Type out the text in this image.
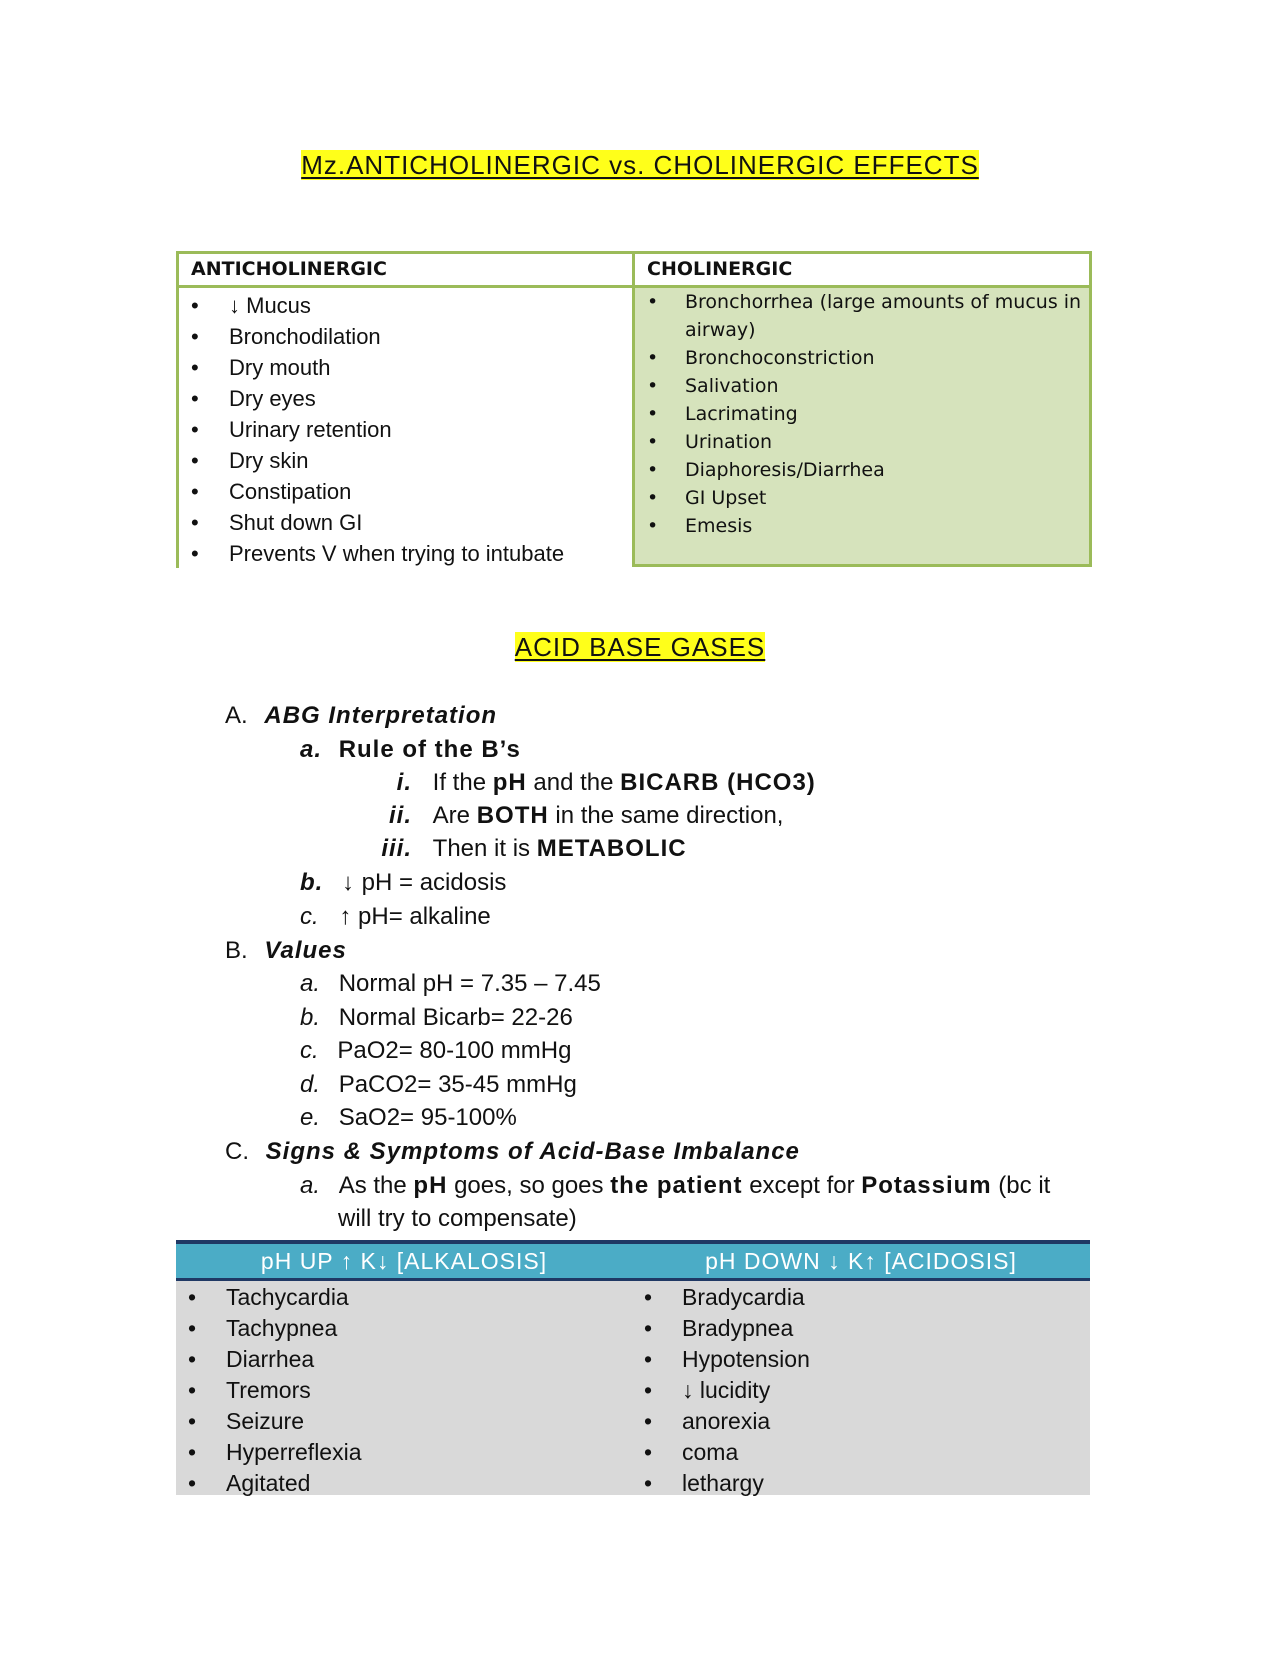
Mz.ANTICHOLINERGIC vs. CHOLINERGIC EFFECTS
ANTICHOLINERGIC
• ↓ Mucus
• Bronchodilation
• Dry mouth
• Dry eyes
• Urinary retention
• Dry skin
• Constipation
• Shut down GI
• Prevents V when trying to intubate
CHOLINERGIC
• Bronchorrhea (large amounts of mucus in airway)
• Bronchoconstriction
• Salivation
• Lacrimating
• Urination
• Diaphoresis/Diarrhea
• GI Upset
• Emesis
ACID BASE GASES
A. ABG Interpretation
a. Rule of the B’s
i. If the pH and the BICARB (HCO3)
ii. Are BOTH in the same direction,
iii. Then it is METABOLIC
b. ↓ pH = acidosis
c. ↑ pH= alkaline
B. Values
a. Normal pH = 7.35 – 7.45
b. Normal Bicarb= 22-26
c. PaO2= 80-100 mmHg
d. PaCO2= 35-45 mmHg
e. SaO2= 95-100%
C. Signs & Symptoms of Acid-Base Imbalance
a. As the pH goes, so goes the patient except for Potassium (bc it
will try to compensate)
pH UP ↑ K↓ [ALKALOSIS]	pH DOWN ↓ K↑ [ACIDOSIS]
• Tachycardia
• Tachypnea
• Diarrhea
• Tremors
• Seizure
• Hyperreflexia
• Agitated
• Bradycardia
• Bradypnea
• Hypotension
• ↓ lucidity
• anorexia
• coma
• lethargy
